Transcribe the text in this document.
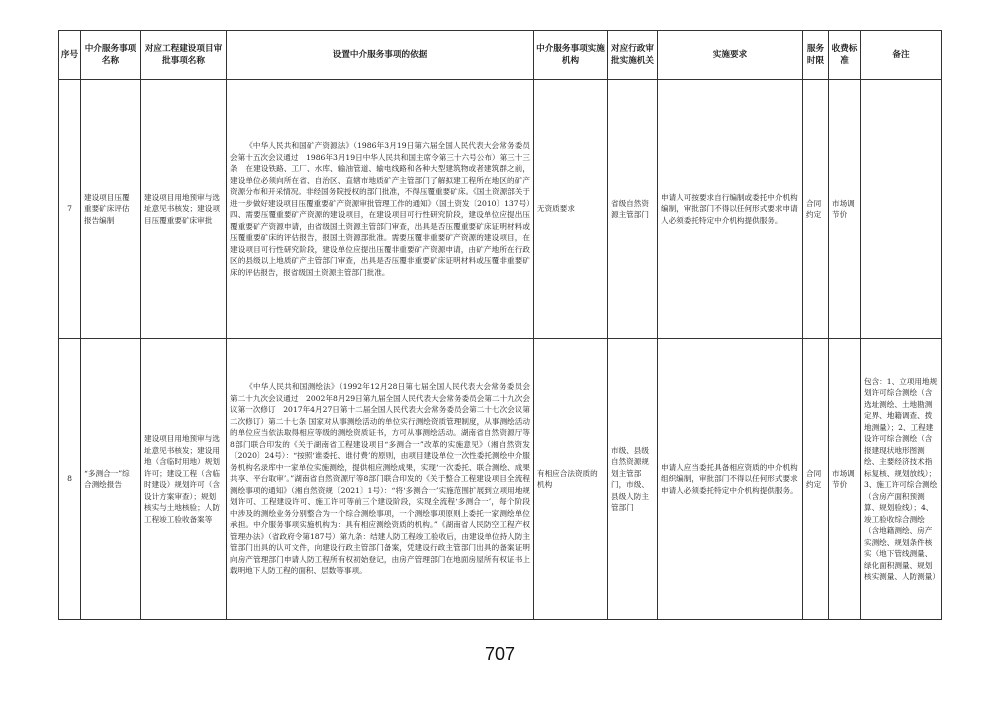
序号	中介服务事项名称	对应工程建设项目审批事项名称	设置中介服务事项的依据	中介服务事项实施机构	对应行政审批实施机关	实施要求	服务时限	收费标准	备注
7	建设项目压覆重要矿床评估报告编制	建设项目用地预审与选址意见书核发；建设项目压覆重要矿床审批	《中华人民共和国矿产资源法》（1986年3月19日第六届全国人民代表大会常务委员会第十五次会议通过　1986年3月19日中华人民共和国主席令第三十六号公布）第三十三条　在建设铁路、工厂、水库、输油管道、输电线路和各种大型建筑物或者建筑群之前，建设单位必须向所在省、自治区、直辖市地质矿产主管部门了解拟建工程所在地区的矿产资源分布和开采情况。非经国务院授权的部门批准，不得压覆重要矿床。《国土资源部关于进一步做好建设项目压覆重要矿产资源审批管理工作的通知》（国土资发〔2010〕137号）四、需要压覆重要矿产资源的建设项目，在建设项目可行性研究阶段，建设单位应提出压覆重要矿产资源申请，由省级国土资源主管部门审查，出具是否压覆重要矿床证明材料或压覆重要矿床的评估报告，报国土资源部批准。需要压覆非重要矿产资源的建设项目，在建设项目可行性研究阶段，建设单位应提出压覆非重要矿产资源申请，由矿产地所在行政区的县级以上地质矿产主管部门审查，出具是否压覆非重要矿床证明材料或压覆非重要矿床的评估报告，报省级国土资源主管部门批准。	无资质要求	省级自然资源主管部门	申请人可按要求自行编制或委托中介机构编制，审批部门不得以任何形式要求申请人必须委托特定中介机构提供服务。	合同约定	市场调节价	
8	“多测合一”综合测绘报告	建设项目用地预审与选址意见书核发；建设用地（含临时用地）规划许可；建设工程（含临时建设）规划许可（含设计方案审查）；规划核实与土地核验；人防工程竣工验收备案等	《中华人民共和国测绘法》（1992年12月28日第七届全国人民代表大会常务委员会第二十九次会议通过　2002年8月29日第九届全国人民代表大会常务委员会第二十九次会议第一次修订　2017年4月27日第十二届全国人民代表大会常务委员会第二十七次会议第二次修订）第二十七条 国家对从事测绘活动的单位实行测绘资质管理制度，从事测绘活动的单位应当依法取得相应等级的测绘资质证书，方可从事测绘活动。湖南省自然资源厅等8部门联合印发的《关于湖南省工程建设项目“多测合一”改革的实施意见》（湘自然资发〔2020〕24号）：“按照‘谁委托、谁付费’的原则，由项目建设单位一次性委托测绘中介服务机构名录库中一家单位实施测绘，提供相应测绘成果，实现‘一次委托、联合测绘、成果共享、平台取审’。”湖南省自然资源厅等8部门联合印发的《关于整合工程建设项目全流程测绘事项的通知》（湘自然资规〔2021〕1号）：“将‘多测合一’实施范围扩展到立项用地规划许可、工程建设许可、施工许可等前三个建设阶段，实现全流程‘多测合一’，每个阶段中涉及的测绘业务分别整合为一个综合测绘事项，一个测绘事项原则上委托一家测绘单位承担。中介服务事项实施机构为：具有相应测绘资质的机构。”《湖南省人民防空工程产权管理办法》（省政府令第187号）第九条：结建人防工程竣工验收后，由建设单位持人防主管部门出具的认可文件，向建设行政主管部门备案，凭建设行政主管部门出具的备案证明向房产管理部门申请人防工程所有权初始登记，由房产管理部门在地面房屋所有权证书上载明地下人防工程的面积、层数等事项。	有相应合法资质的机构	市级、县级自然资源规划主管部门，市级、县级人防主管部门	申请人应当委托具备相应资质的中介机构组织编制，审批部门不得以任何形式要求申请人必须委托特定中介机构提供服务。	合同约定	市场调节价	包含：1、立项用地规划许可综合测绘（含选址测绘、土地勘测定界、地籍调查、拨地测量）；2、工程建设许可综合测绘（含报建现状地形图测绘、主要经济技术指标复核、规划放线）；3、施工许可综合测绘（含房产面积预测算、规划验线）；4、竣工验收综合测绘（含地籍测绘、房产实测绘、规划条件核实（地下管线测量、绿化面积测量、规划核实测量、人防测量）
707
